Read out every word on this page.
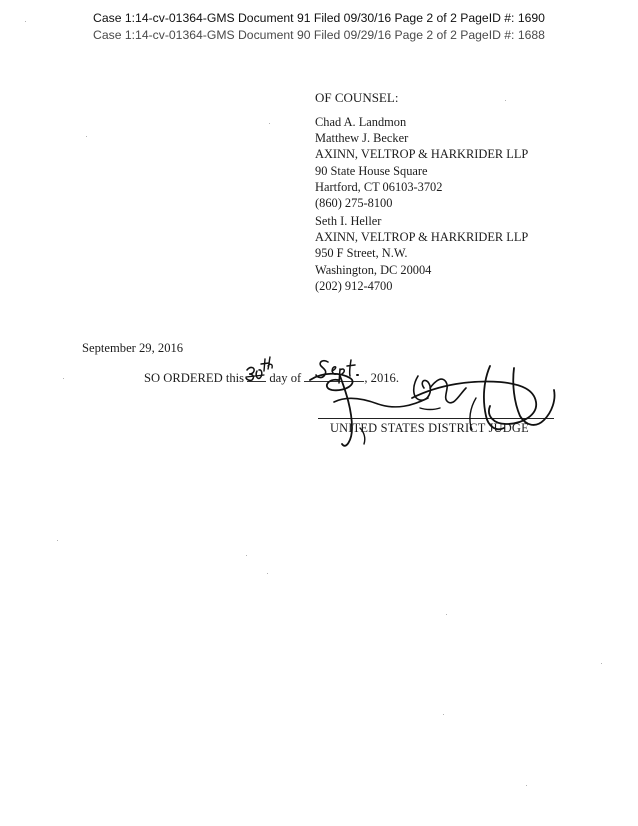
Case 1:14-cv-01364-GMS Document 91 Filed 09/30/16 Page 2 of 2 PageID #: 1690
Case 1:14-cv-01364-GMS Document 90 Filed 09/29/16 Page 2 of 2 PageID #: 1688
OF COUNSEL:
Chad A. Landmon
Matthew J. Becker
AXINN, VELTROP & HARKRIDER LLP
90 State House Square
Hartford, CT 06103-3702
(860) 275-8100
Seth I. Heller
AXINN, VELTROP & HARKRIDER LLP
950 F Street, N.W.
Washington, DC 20004
(202) 912-4700
September 29, 2016
SO ORDERED this day of	, 2016.
UNITED STATES DISTRICT JUDGE
